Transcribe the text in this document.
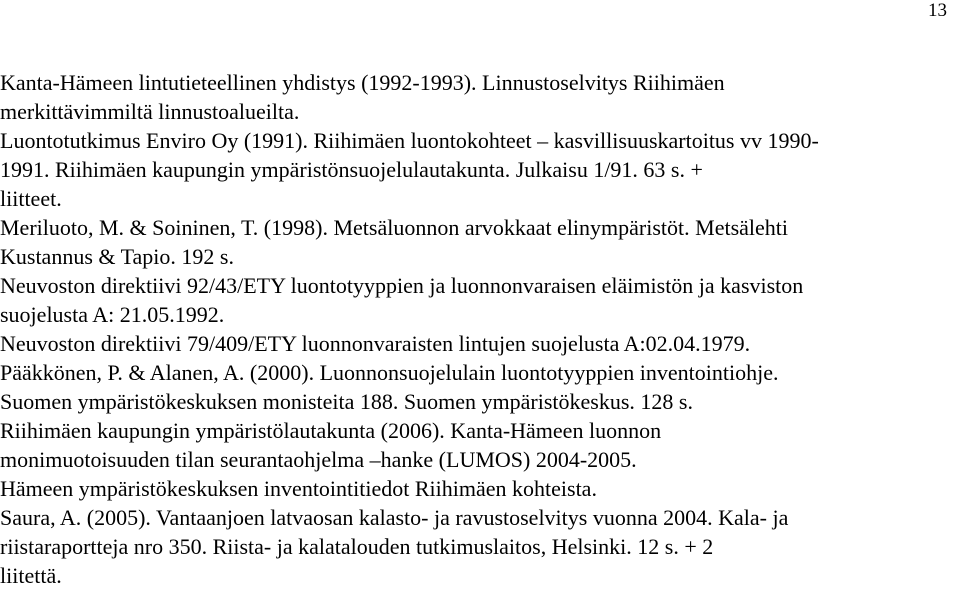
13

Kanta-Hämeen lintutieteellinen yhdistys (1992-1993). Linnustoselvitys Riihimäen
merkittävimmiltä linnustoalueilta.

Luontotutkimus Enviro Oy (1991). Riihimäen luontokohteet – kasvillisuuskartoitus vv 1990-
1991. Riihimäen kaupungin ympäristönsuojelulautakunta. Julkaisu 1/91. 63 s. +
liitteet.

Meriluoto, M. & Soininen, T. (1998). Metsäluonnon arvokkaat elinympäristöt. Metsälehti
Kustannus & Tapio. 192 s.

Neuvoston direktiivi 92/43/ETY luontotyyppien ja luonnonvaraisen eläimistön ja kasviston
suojelusta A: 21.05.1992.

Neuvoston direktiivi 79/409/ETY luonnonvaraisten lintujen suojelusta A:02.04.1979.

Pääkkönen, P. & Alanen, A. (2000). Luonnonsuojelulain luontotyyppien inventointiohje.
Suomen ympäristökeskuksen monisteita 188. Suomen ympäristökeskus. 128 s.

Riihimäen kaupungin ympäristölautakunta (2006). Kanta-Hämeen luonnon
monimuotoisuuden tilan seurantaohjelma –hanke (LUMOS) 2004-2005.
Hämeen ympäristökeskuksen inventointitiedot Riihimäen kohteista.

Saura, A. (2005). Vantaanjoen latvaosan kalasto- ja ravustoselvitys vuonna 2004. Kala- ja
riistaraportteja nro 350. Riista- ja kalatalouden tutkimuslaitos, Helsinki. 12 s. + 2
liitettä.
